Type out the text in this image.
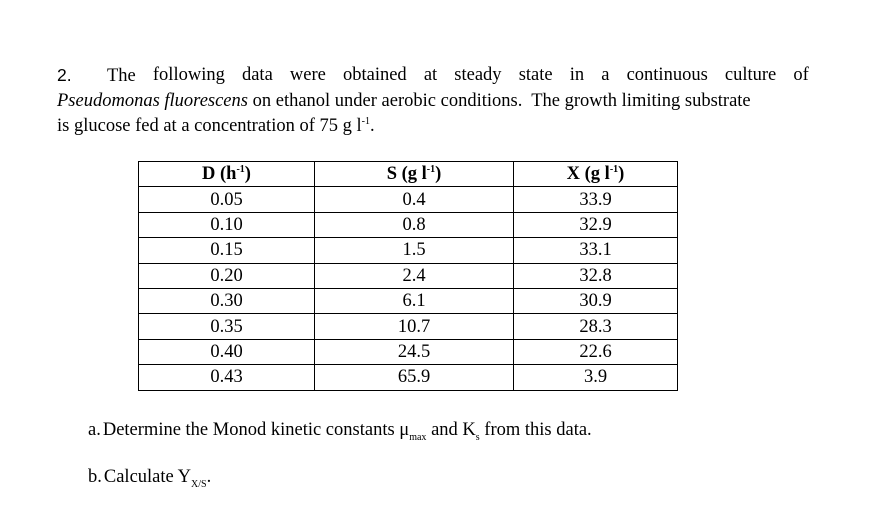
2. The following data were obtained at steady state in a continuous culture of
Pseudomonas fluorescens on ethanol under aerobic conditions.  The growth limiting substrate
is glucose fed at a concentration of 75 g $l^{-1}$.
D $(h^{-1})$	S (g $l^{-1}$)	X (g $l^{-1}$)
0.05	0.4	33.9
0.10	0.8	32.9
0.15	1.5	33.1
0.20	2.4	32.8
0.30	6.1	30.9
0.35	10.7	28.3
0.40	24.5	22.6
0.43	65.9	3.9
a. Determine the Monod kinetic constants $\mu_{max}$ and $K_s$ from this data.
b. Calculate $Y_{X/S}$.
